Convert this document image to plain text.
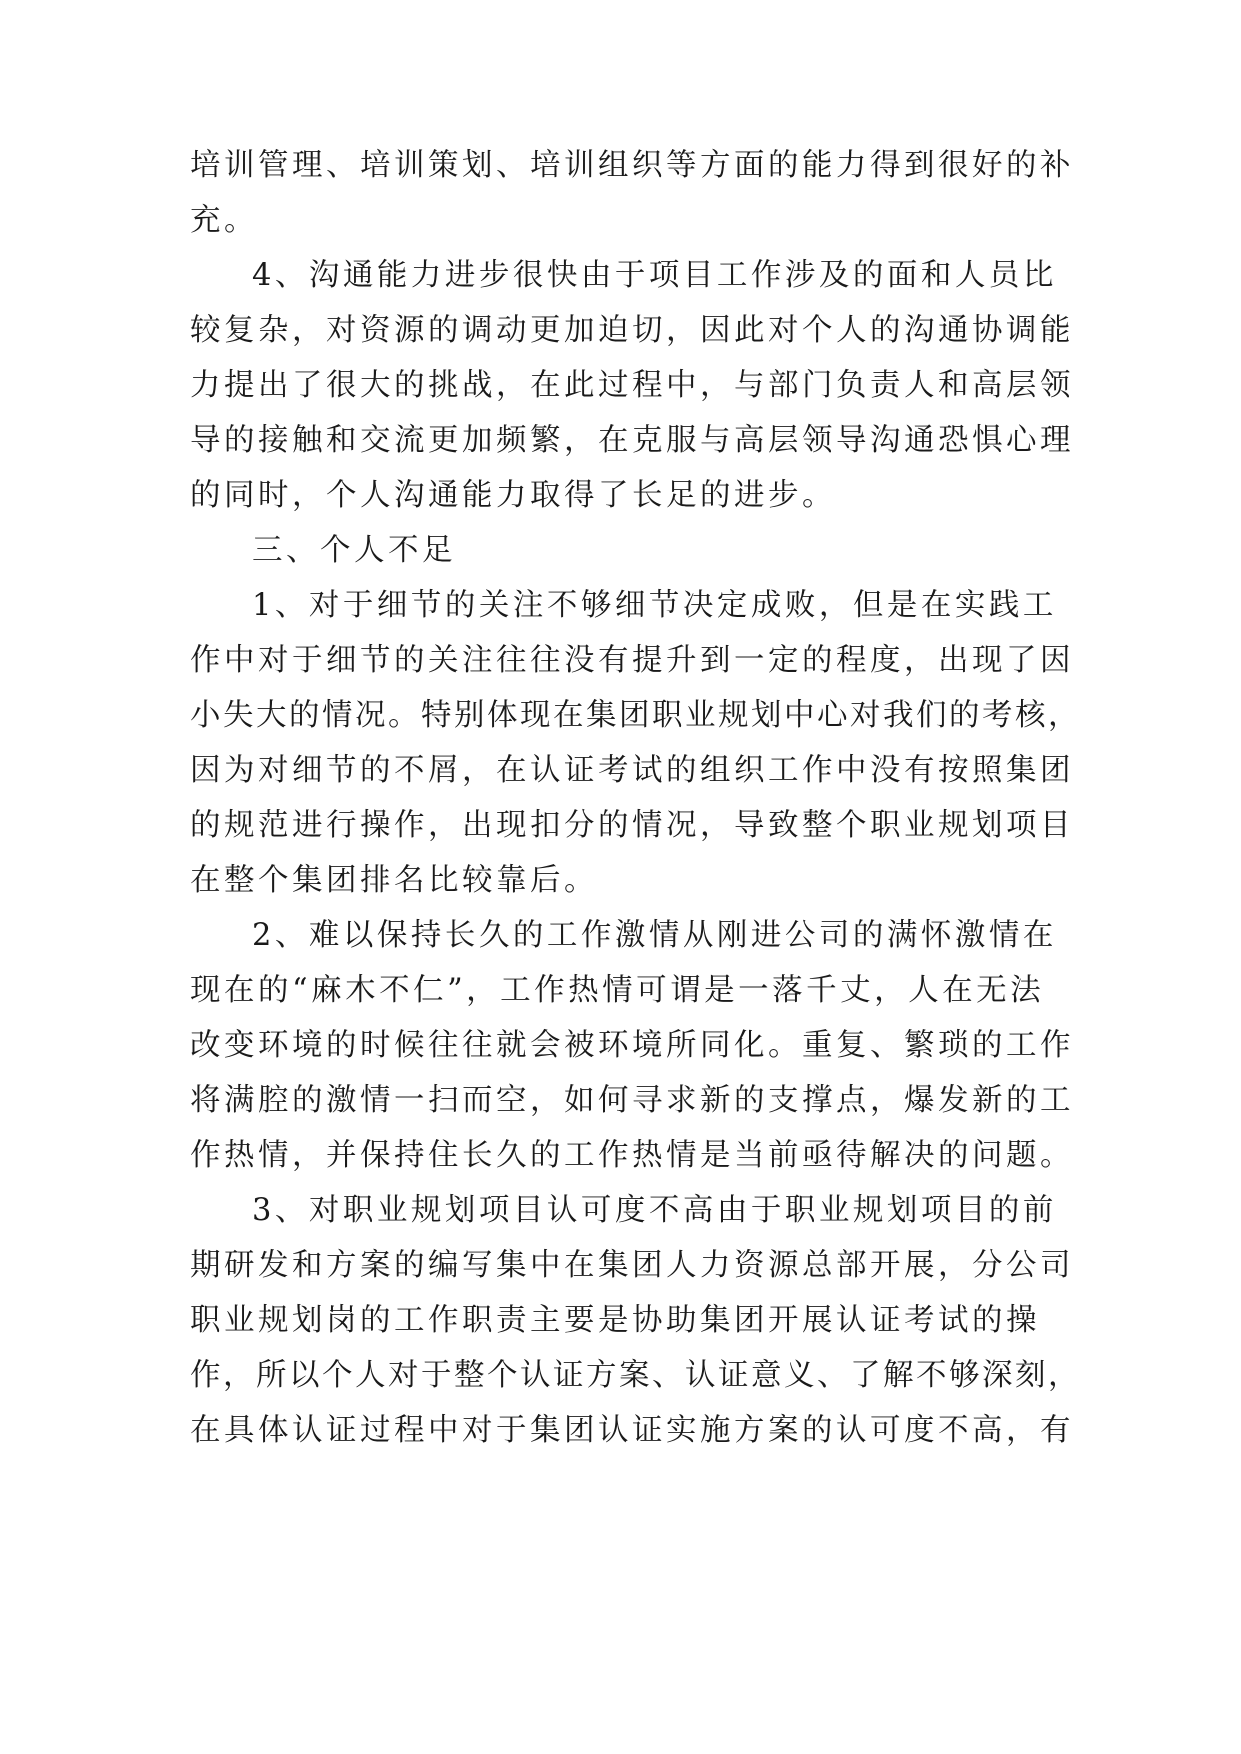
培训管理、培训策划、培训组织等方面的能力得到很好的补
充。
4、沟通能力进步很快由于项目工作涉及的面和人员比
较复杂，对资源的调动更加迫切，因此对个人的沟通协调能
力提出了很大的挑战，在此过程中，与部门负责人和高层领
导的接触和交流更加频繁，在克服与高层领导沟通恐惧心理
的同时，个人沟通能力取得了长足的进步。
三、个人不足
1、对于细节的关注不够细节决定成败，但是在实践工
作中对于细节的关注往往没有提升到一定的程度，出现了因
小失大的情况。特别体现在集团职业规划中心对我们的考核，
因为对细节的不屑，在认证考试的组织工作中没有按照集团
的规范进行操作，出现扣分的情况，导致整个职业规划项目
在整个集团排名比较靠后。
2、难以保持长久的工作激情从刚进公司的满怀激情在
现在的“麻木不仁”，工作热情可谓是一落千丈，人在无法
改变环境的时候往往就会被环境所同化。重复、繁琐的工作
将满腔的激情一扫而空，如何寻求新的支撑点，爆发新的工
作热情，并保持住长久的工作热情是当前亟待解决的问题。
3、对职业规划项目认可度不高由于职业规划项目的前
期研发和方案的编写集中在集团人力资源总部开展，分公司
职业规划岗的工作职责主要是协助集团开展认证考试的操
作，所以个人对于整个认证方案、认证意义、了解不够深刻，
在具体认证过程中对于集团认证实施方案的认可度不高，有
